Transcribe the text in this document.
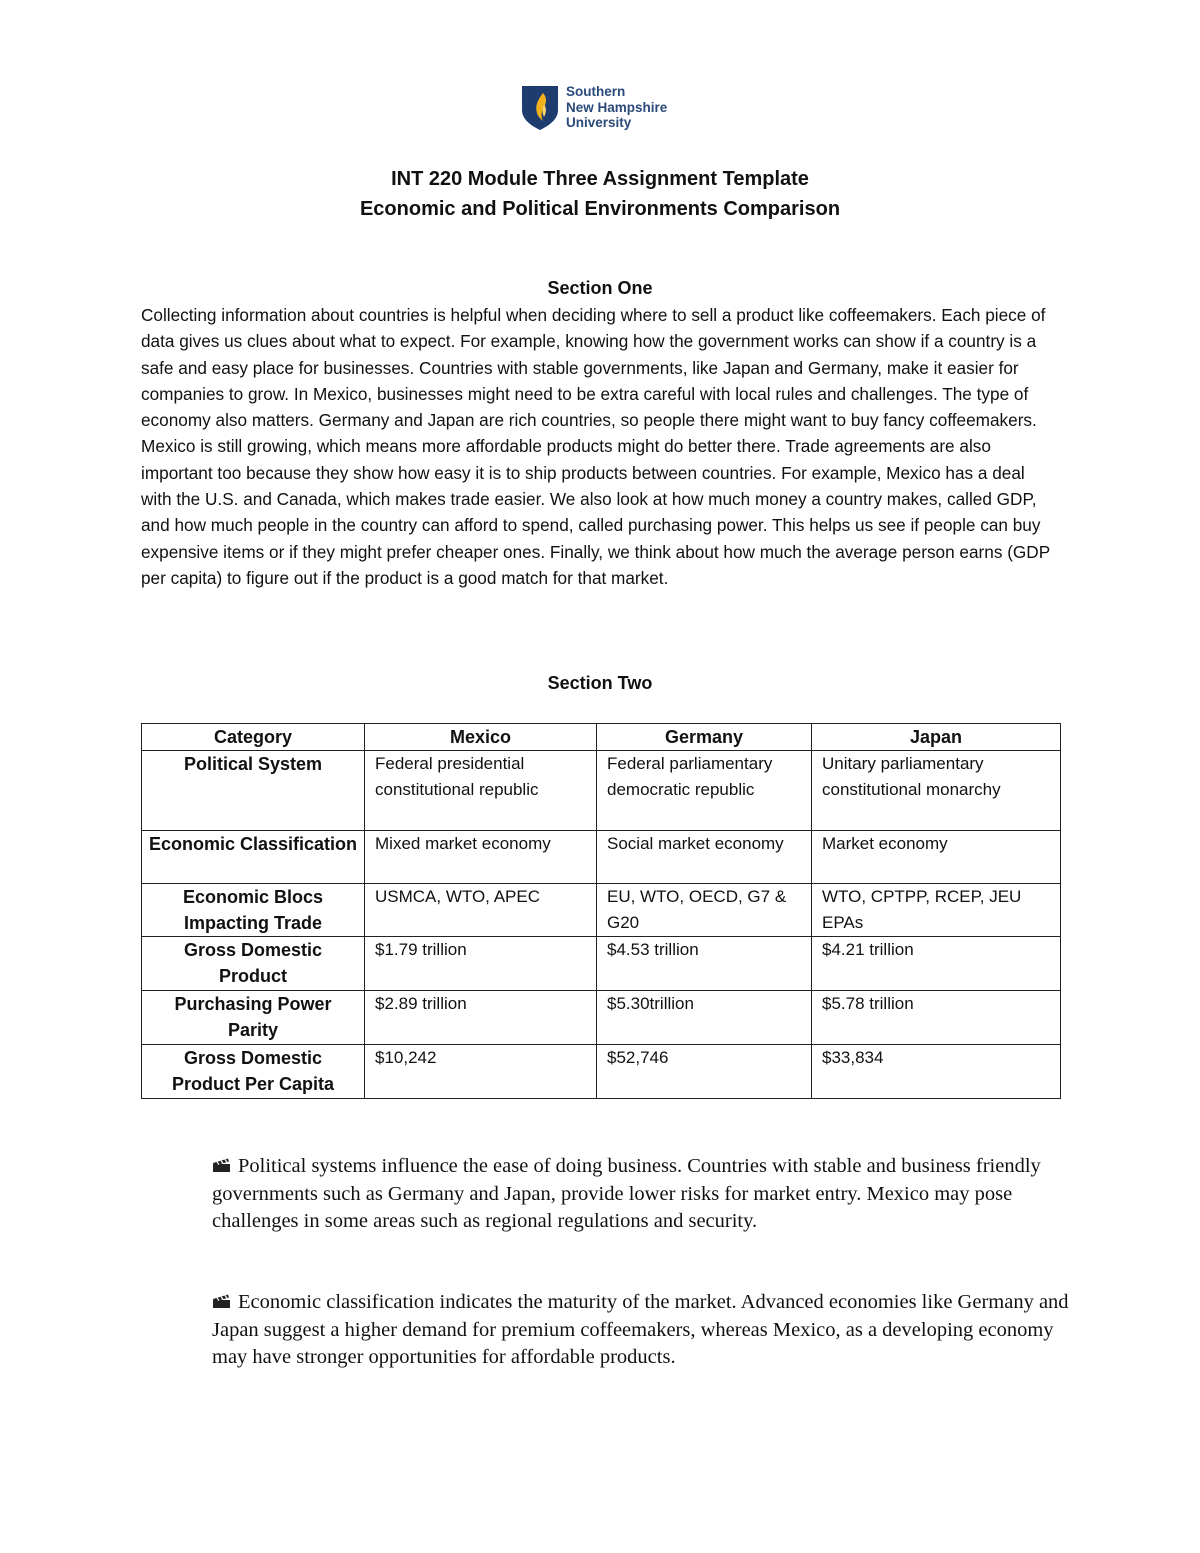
Southern
New Hampshire
University
INT 220 Module Three Assignment Template
Economic and Political Environments Comparison
Section One
Collecting information about countries is helpful when deciding where to sell a product like coffeemakers. Each piece of data gives us clues about what to expect. For example, knowing how the government works can show if a country is a safe and easy place for businesses. Countries with stable governments, like Japan and Germany, make it easier for companies to grow. In Mexico, businesses might need to be extra careful with local rules and challenges. The type of economy also matters. Germany and Japan are rich countries, so people there might want to buy fancy coffeemakers. Mexico is still growing, which means more affordable products might do better there. Trade agreements are also important too because they show how easy it is to ship products between countries. For example, Mexico has a deal with the U.S. and Canada, which makes trade easier. We also look at how much money a country makes, called GDP, and how much people in the country can afford to spend, called purchasing power. This helps us see if people can buy expensive items or if they might prefer cheaper ones. Finally, we think about how much the average person earns (GDP per capita) to figure out if the product is a good match for that market.
Section Two
Category	Mexico	Germany	Japan
Political System	Federal presidential constitutional republic	Federal parliamentary democratic republic	Unitary parliamentary constitutional monarchy
Economic Classification	Mixed market economy	Social market economy	Market economy
Economic Blocs Impacting Trade	USMCA, WTO, APEC	EU, WTO, OECD, G7 & G20	WTO, CPTPP, RCEP, JEU EPAs
Gross Domestic Product	$1.79 trillion	$4.53 trillion	$4.21 trillion
Purchasing Power Parity	$2.89 trillion	$5.30trillion	$5.78 trillion
Gross Domestic Product Per Capita	$10,242	$52,746	$33,834
Political systems influence the ease of doing business. Countries with stable and business friendly governments such as Germany and Japan, provide lower risks for market entry. Mexico may pose challenges in some areas such as regional regulations and security.
Economic classification indicates the maturity of the market. Advanced economies like Germany and Japan suggest a higher demand for premium coffeemakers, whereas Mexico, as a developing economy may have stronger opportunities for affordable products.
